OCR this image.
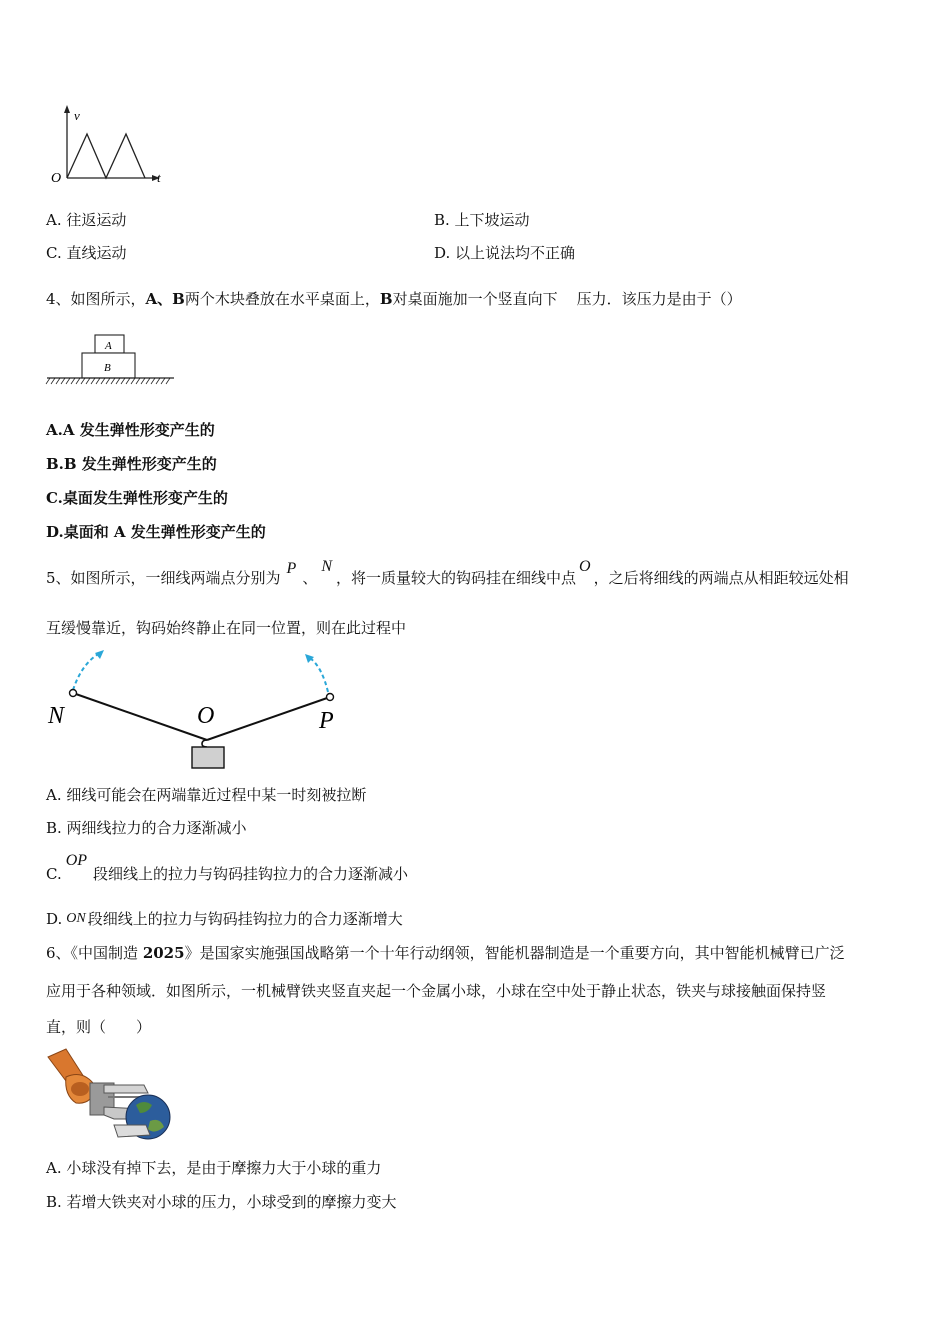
v
t
O
A. 往返运动	B. 上下坡运动
C. 直线运动	D. 以上说法均不正确
4、如图所示，A、B两个木块叠放在水平桌面上，B对桌面施加一个竖直向下    压力．该压力是由于（）
A
B
A.A 发生弹性形变产生的
B.B 发生弹性形变产生的
C.桌面发生弹性形变产生的
D.桌面和 A 发生弹性形变产生的
5、如图所示，一细线两端点分别为P、N，将一质量较大的钩码挂在细线中点O，之后将细线的两端点从相距较远处相
互缓慢靠近，钩码始终静止在同一位置，则在此过程中
N	O	P
A. 细线可能会在两端靠近过程中某一时刻被拉断
B. 两细线拉力的合力逐渐减小
C.OP段细线上的拉力与钩码挂钩拉力的合力逐渐减小
D. ON 段细线上的拉力与钩码挂钩拉力的合力逐渐增大
6、《中国制造 2025》是国家实施强国战略第一个十年行动纲领，智能机器制造是一个重要方向，其中智能机械臂已广泛
应用于各种领域．如图所示，一机械臂铁夹竖直夹起一个金属小球，小球在空中处于静止状态，铁夹与球接触面保持竖
直，则（　　）
A. 小球没有掉下去，是由于摩擦力大于小球的重力
B. 若增大铁夹对小球的压力，小球受到的摩擦力变大
